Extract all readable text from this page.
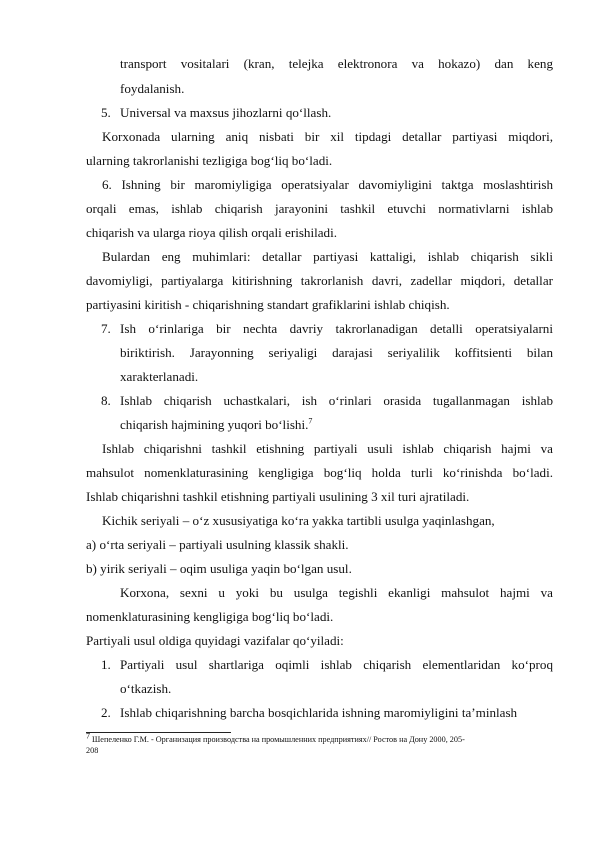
transport vositalari (kran, telejka elektronora va hokazo) dan keng
foydalanish.
5. Universal va maxsus jihozlarni qo‘llash.
Korxonada ularning aniq nisbati bir xil tipdagi detallar partiyasi miqdori,
ularning takrorlanishi tezligiga bog‘liq bo‘ladi.
6. Ishning bir maromiyligiga operatsiyalar davomiyligini taktga moslashtirish
orqali emas, ishlab chiqarish jarayonini tashkil etuvchi normativlarni ishlab
chiqarish va ularga rioya qilish orqali erishiladi.
Bulardan eng muhimlari: detallar partiyasi kattaligi, ishlab chiqarish sikli
davomiyligi, partiyalarga kitirishning takrorlanish davri, zadellar miqdori, detallar
partiyasini kiritish - chiqarishning standart grafiklarini ishlab chiqish.
7. Ish o‘rinlariga bir nechta davriy takrorlanadigan detalli operatsiyalarni
biriktirish. Jarayonning seriyaligi darajasi seriyalilik koffitsienti bilan
xarakterlanadi.
8. Ishlab chiqarish uchastkalari, ish o‘rinlari orasida tugallanmagan ishlab
chiqarish hajmining yuqori bo‘lishi.$^7$
Ishlab chiqarishni tashkil etishning partiyali usuli ishlab chiqarish hajmi va
mahsulot nomenklaturasining kengligiga bog‘liq holda turli ko‘rinishda bo‘ladi.
Ishlab chiqarishni tashkil etishning partiyali usulining 3 xil turi ajratiladi.
Kichik seriyali – o‘z xususiyatiga ko‘ra yakka tartibli usulga yaqinlashgan,
a) o‘rta seriyali – partiyali usulning klassik shakli.
b) yirik seriyali – oqim usuliga yaqin bo‘lgan usul.
Korxona, sexni u yoki bu usulga tegishli ekanligi mahsulot hajmi va
nomenklaturasining kengligiga bog‘liq bo‘ladi.
Partiyali usul oldiga quyidagi vazifalar qo‘yiladi:
1. Partiyali usul shartlariga oqimli ishlab chiqarish elementlaridan ko‘proq
o‘tkazish.
2. Ishlab chiqarishning barcha bosqichlarida ishning maromiyligini ta’minlash
$^7$ Шепеленко Г.М. - Организация производства на промышленних предприятиях// Ростов на Дону 2000, 205-
208
